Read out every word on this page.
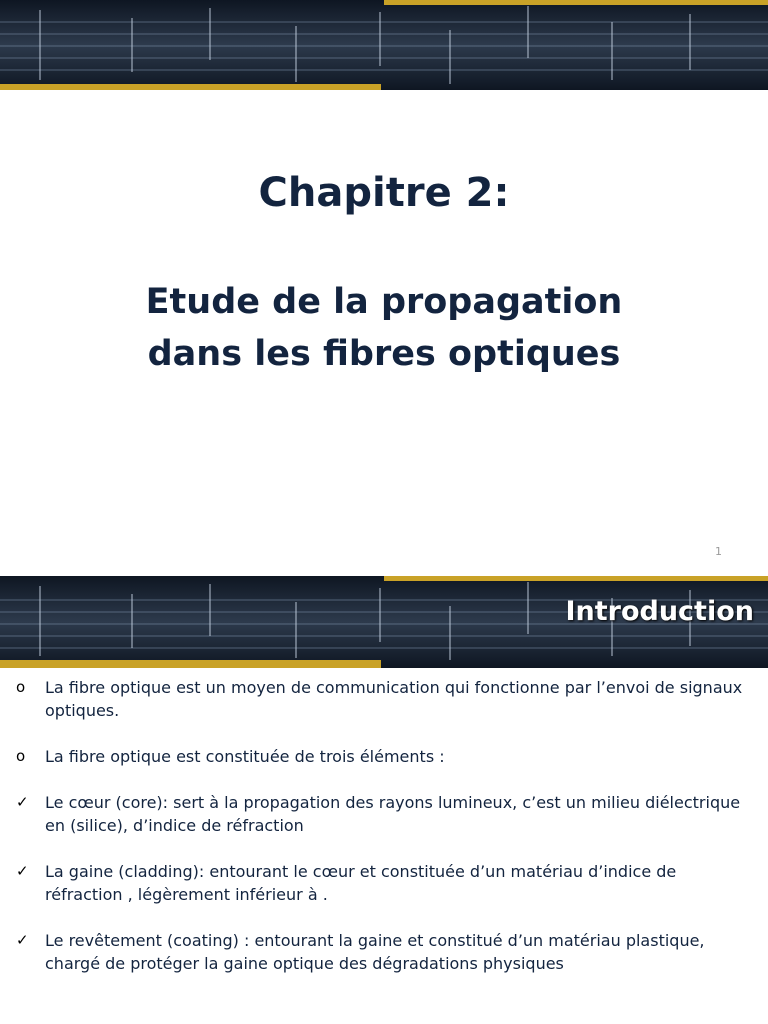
Chapitre 2:
Etude de la propagation
dans les fibres optiques
1
Introduction
o	La fibre optique est un moyen de communication qui fonctionne par l’envoi de signaux optiques.
o	La fibre optique est constituée de trois éléments :
✓	Le cœur (core): sert à la propagation des rayons lumineux, c’est un milieu diélectrique en (silice), d’indice de réfraction
✓	La gaine (cladding): entourant le cœur et constituée d’un matériau d’indice de réfraction , légèrement inférieur à .
✓	Le revêtement (coating) : entourant la gaine et constitué d’un matériau plastique, chargé de protéger la gaine optique des dégradations physiques
